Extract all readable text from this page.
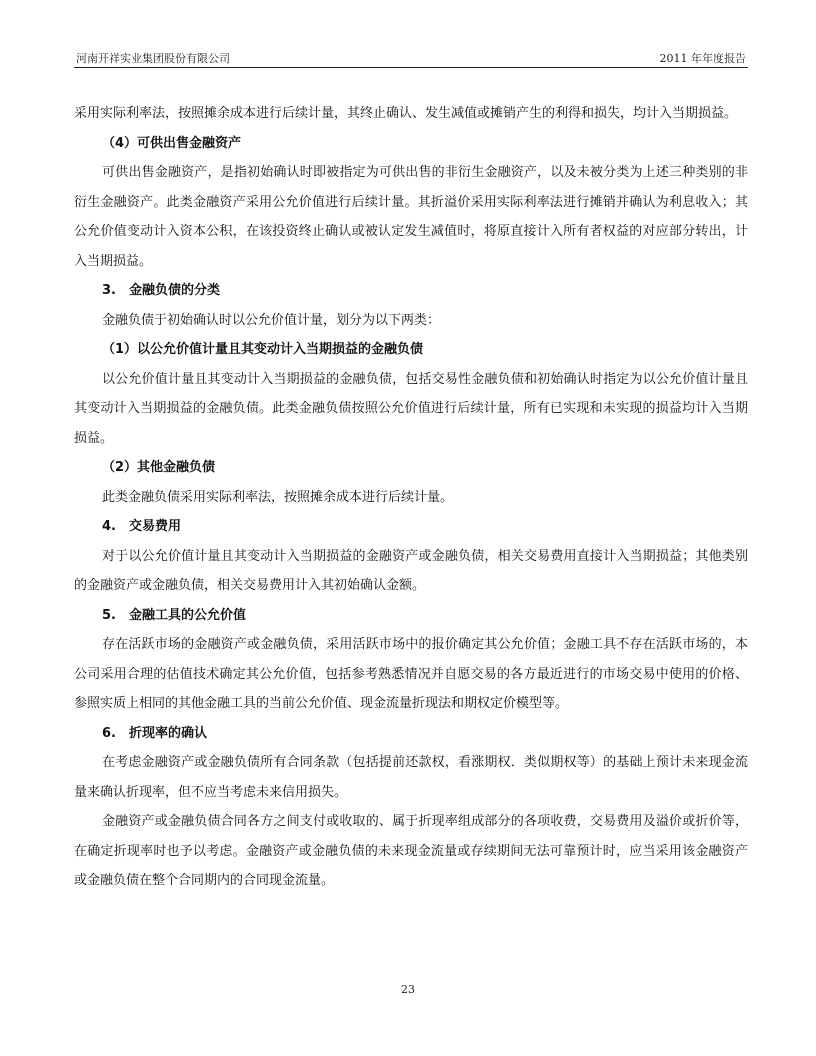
河南开祥实业集团股份有限公司	2011 年年度报告

采用实际利率法，按照摊余成本进行后续计量，其终止确认、发生减值或摊销产生的利得和损失，均计入当期损益。

（4）可供出售金融资产

可供出售金融资产，是指初始确认时即被指定为可供出售的非衍生金融资产，以及未被分类为上述三种类别的非衍生金融资产。此类金融资产采用公允价值进行后续计量。其折溢价采用实际利率法进行摊销并确认为利息收入；其公允价值变动计入资本公积，在该投资终止确认或被认定发生减值时，将原直接计入所有者权益的对应部分转出，计入当期损益。

3.　金融负债的分类

金融负债于初始确认时以公允价值计量，划分为以下两类：

（1）以公允价值计量且其变动计入当期损益的金融负债

以公允价值计量且其变动计入当期损益的金融负债，包括交易性金融负债和初始确认时指定为以公允价值计量且其变动计入当期损益的金融负债。此类金融负债按照公允价值进行后续计量，所有已实现和未实现的损益均计入当期损益。

（2）其他金融负债

此类金融负债采用实际利率法，按照摊余成本进行后续计量。

4.　交易费用

对于以公允价值计量且其变动计入当期损益的金融资产或金融负债，相关交易费用直接计入当期损益；其他类别的金融资产或金融负债，相关交易费用计入其初始确认金额。

5.　金融工具的公允价值

存在活跃市场的金融资产或金融负债，采用活跃市场中的报价确定其公允价值；金融工具不存在活跃市场的，本公司采用合理的估值技术确定其公允价值，包括参考熟悉情况并自愿交易的各方最近进行的市场交易中使用的价格、参照实质上相同的其他金融工具的当前公允价值、现金流量折现法和期权定价模型等。

6.　折现率的确认

在考虑金融资产或金融负债所有合同条款（包括提前还款权，看涨期权．类似期权等）的基础上预计未来现金流量来确认折现率，但不应当考虑未来信用损失。

金融资产或金融负债合同各方之间支付或收取的、属于折现率组成部分的各项收费，交易费用及溢价或折价等，在确定折现率时也予以考虑。金融资产或金融负债的未来现金流量或存续期间无法可靠预计时，应当采用该金融资产或金融负债在整个合同期内的合同现金流量。

23
